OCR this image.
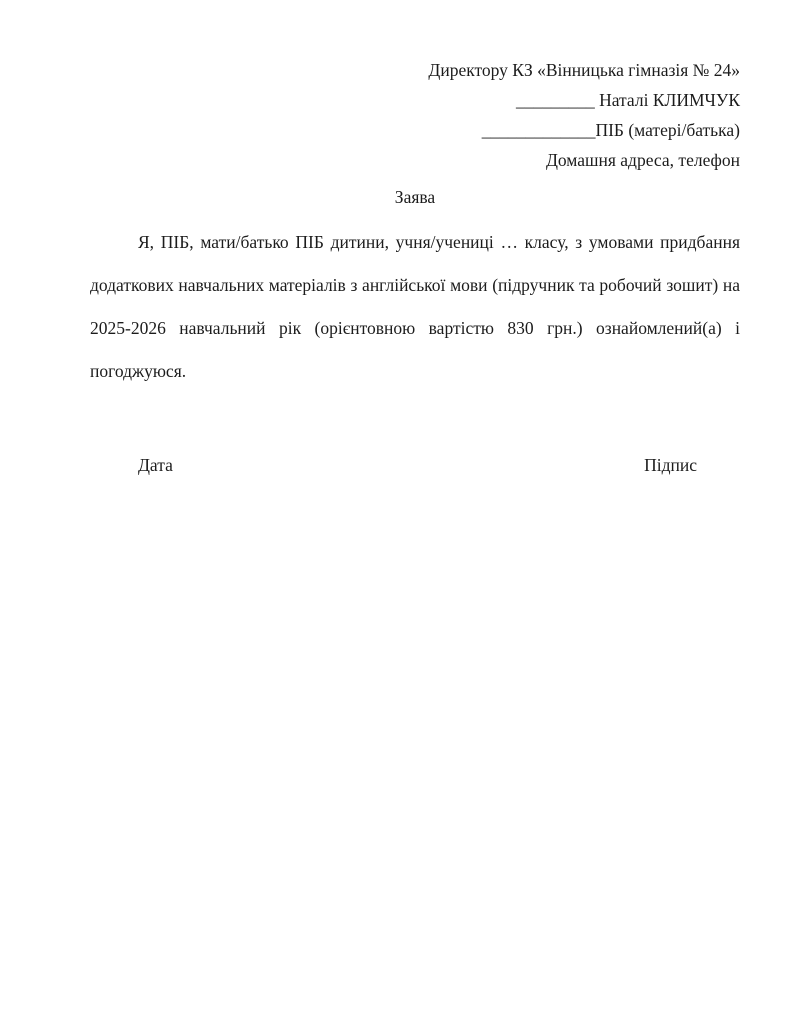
Директору КЗ «Вінницька гімназія № 24»
_________ Наталі КЛИМЧУК
_____________ПІБ (матері/батька)
Домашня адреса, телефон
Заява

Я, ПІБ, мати/батько ПІБ дитини, учня/учениці … класу, з умовами придбання додаткових навчальних матеріалів з англійської мови (підручник та робочий зошит) на 2025-2026 навчальний рік (орієнтовною вартістю 830 грн.) ознайомлений(а) і погоджуюся.

Дата	Підпис
